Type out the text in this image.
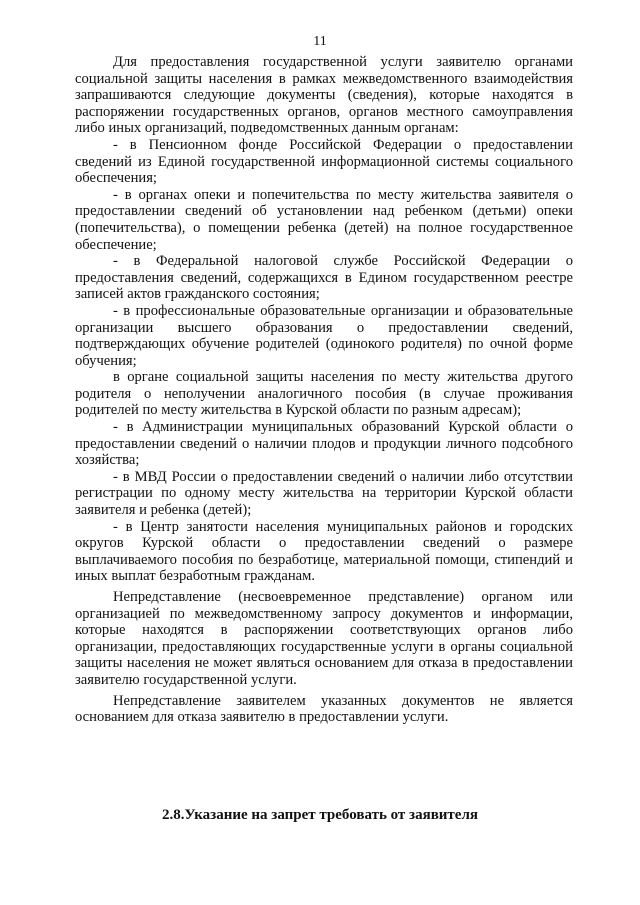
11

Для предоставления государственной услуги заявителю органами социальной защиты населения в рамках межведомственного взаимодействия запрашиваются следующие документы (сведения), которые находятся в распоряжении государственных органов, органов местного самоуправления либо иных организаций, подведомственных данным органам:

- в Пенсионном фонде Российской Федерации о предоставлении сведений из Единой государственной информационной системы социального обеспечения;

- в органах опеки и попечительства по месту жительства заявителя о предоставлении сведений об установлении над ребенком (детьми) опеки (попечительства), о помещении ребенка (детей) на полное государственное обеспечение;

- в Федеральной налоговой службе Российской Федерации о предоставления сведений, содержащихся в Едином государственном реестре записей актов гражданского состояния;

- в профессиональные образовательные организации и образовательные организации высшего образования о предоставлении сведений, подтверждающих обучение родителей (одинокого родителя) по очной форме обучения;

в органе социальной защиты населения по месту жительства другого родителя о неполучении аналогичного пособия (в случае проживания родителей по месту жительства в Курской области по разным адресам);

- в Администрации муниципальных образований Курской области о предоставлении сведений о наличии плодов и продукции личного подсобного хозяйства;

- в МВД России о предоставлении сведений о наличии либо отсутствии регистрации по одному месту жительства на территории Курской области заявителя и ребенка (детей);

- в Центр занятости населения муниципальных районов и городских округов Курской области о предоставлении сведений о размере выплачиваемого пособия по безработице, материальной помощи, стипендий и иных выплат безработным гражданам.

Непредставление (несвоевременное представление) органом или организацией по межведомственному запросу документов и информации, которые находятся в распоряжении соответствующих органов либо организации, предоставляющих государственные услуги в органы социальной защиты населения не может являться основанием для отказа в предоставлении заявителю государственной услуги.

Непредставление заявителем указанных документов не является основанием для отказа заявителю в предоставлении услуги.

2.8.Указание на запрет требовать от заявителя
